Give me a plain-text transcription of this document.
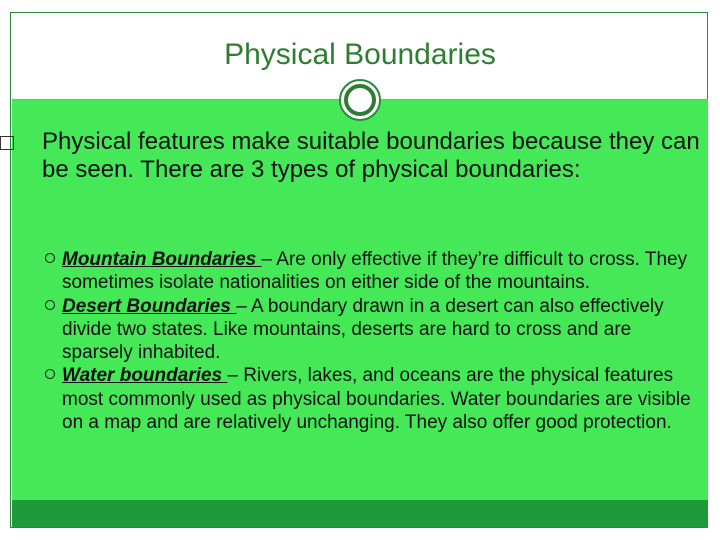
Physical Boundaries
□	Physical features make suitable boundaries because they can be seen. There are 3 types of physical boundaries:
Mountain Boundaries – Are only effective if they’re difficult to cross. They sometimes isolate nationalities on either side of the mountains.
Desert Boundaries – A boundary drawn in a desert can also effectively divide two states. Like mountains, deserts are hard to cross and are sparsely inhabited.
Water boundaries – Rivers, lakes, and oceans are the physical features most commonly used as physical boundaries. Water boundaries are visible on a map and are relatively unchanging. They also offer good protection.
